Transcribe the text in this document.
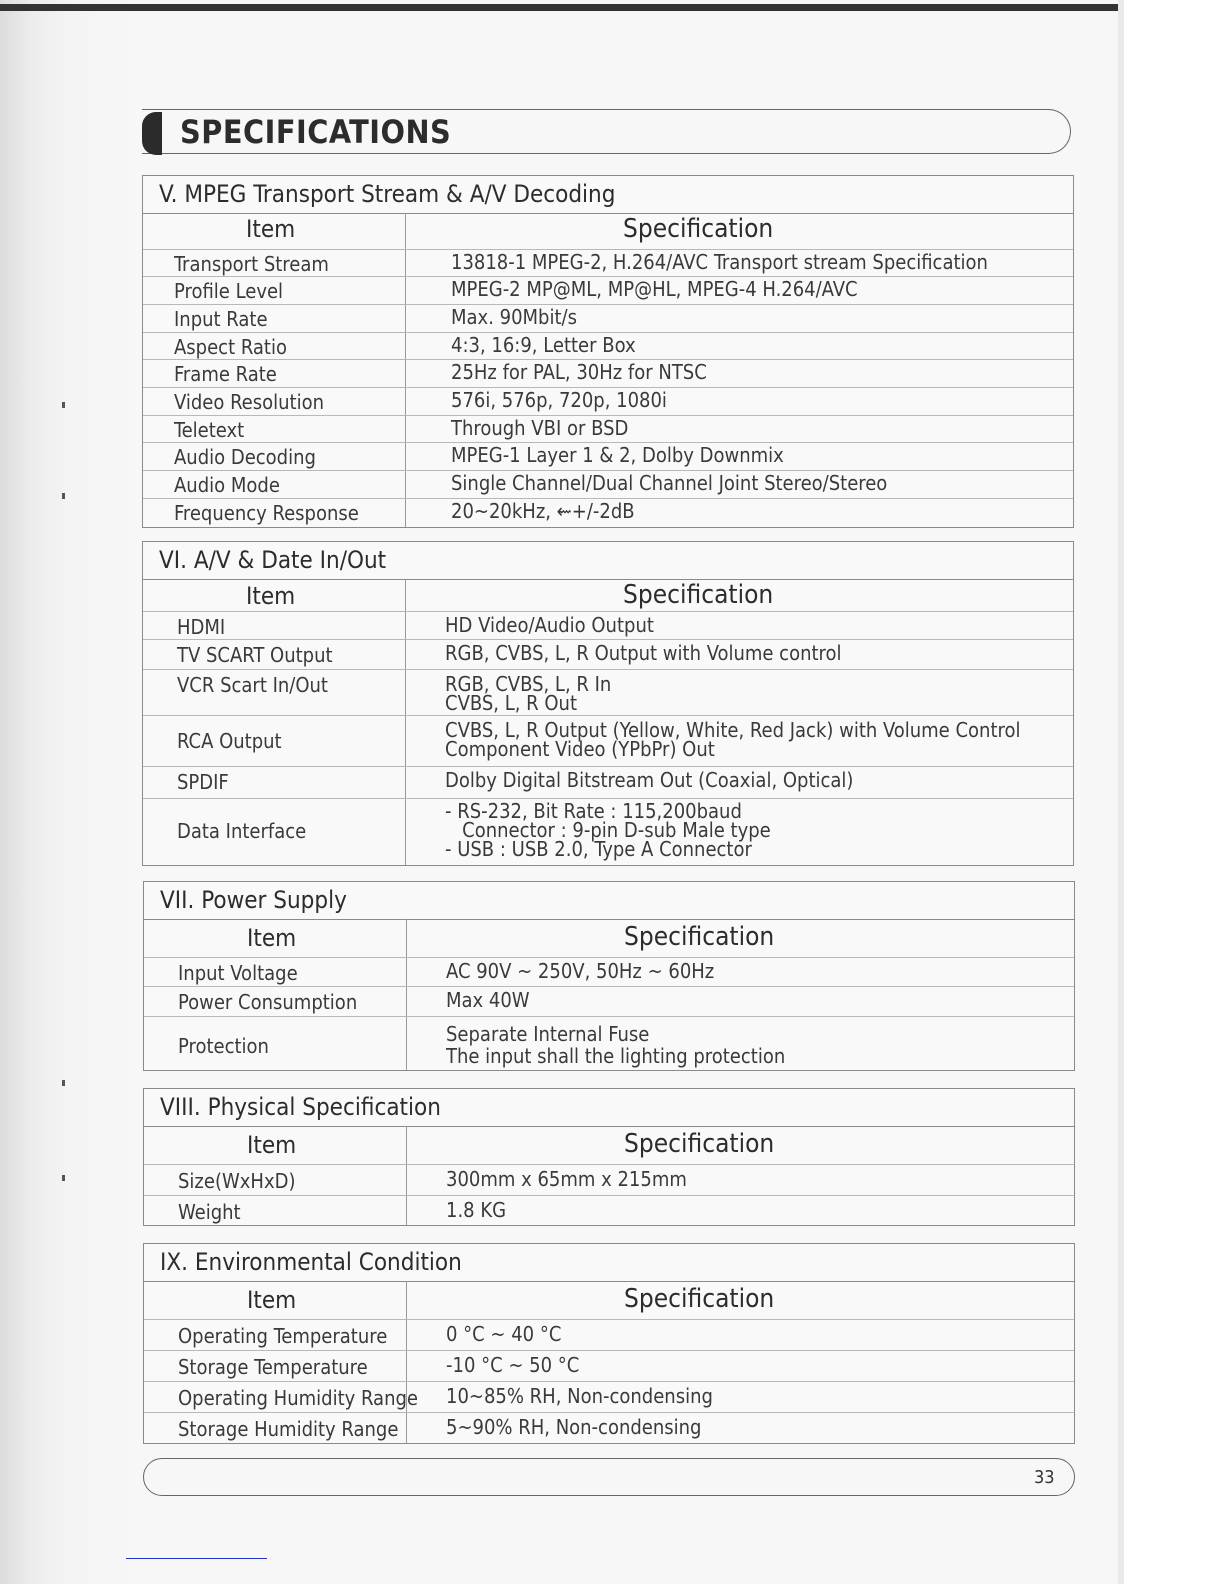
SPECIFICATIONS
V. MPEG Transport Stream & A/V Decoding
Item	Specification
Transport Stream	13818-1 MPEG-2, H.264/AVC Transport stream Specification
Profile Level	MPEG-2 MP@ML, MP@HL, MPEG-4 H.264/AVC
Input Rate	Max. 90Mbit/s
Aspect Ratio	4:3, 16:9, Letter Box
Frame Rate	25Hz for PAL, 30Hz for NTSC
Video Resolution	576i, 576p, 720p, 1080i
Teletext	Through VBI or BSD
Audio Decoding	MPEG-1 Layer 1 & 2, Dolby Downmix
Audio Mode	Single Channel/Dual Channel Joint Stereo/Stereo
Frequency Response	20~20kHz, ⇜+/-2dB
VI. A/V & Date In/Out
Item	Specification
HDMI	HD Video/Audio Output
TV SCART Output	RGB, CVBS, L, R Output with Volume control
VCR Scart In/Out	RGB, CVBS, L, R In
CVBS, L, R Out
RCA Output	CVBS, L, R Output (Yellow, White, Red Jack) with Volume Control
Component Video (YPbPr) Out
SPDIF	Dolby Digital Bitstream Out (Coaxial, Optical)
Data Interface
- RS-232, Bit Rate : 115,200baud
Connector : 9-pin D-sub Male type
- USB : USB 2.0, Type A Connector
VII. Power Supply
Item	Specification
Input Voltage	AC 90V ~ 250V, 50Hz ~ 60Hz
Power Consumption	Max 40W
Protection	Separate Internal Fuse
The input shall the lighting protection
VIII. Physical Specification
Item	Specification
Size(WxHxD)	300mm x 65mm x 215mm
Weight	1.8 KG
IX. Environmental Condition
Item	Specification
Operating Temperature	0 °C ~ 40 °C
Storage Temperature	-10 °C ~ 50 °C
Operating Humidity Range 10~85% RH, Non-condensing
Storage Humidity Range 5~90% RH, Non-condensing
33
